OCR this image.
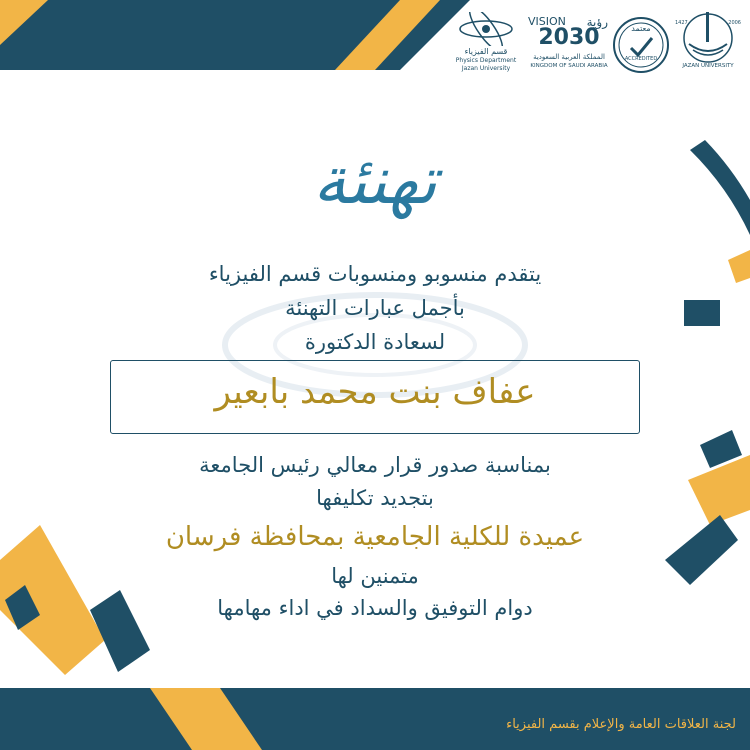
لجنة العلاقات العامة والإعلام بقسم الفيزياء
قسم الفيزياء
Physics Department
Jazan University
VISION رؤية
2030
المملكة العربية السعودية
KINGDOM OF SAUDI ARABIA
معتمد
ACCREDITED
1427	2006
JAZAN UNIVERSITY
تهنئة
يتقدم منسوبو ومنسوبات قسم الفيزياء
بأجمل عبارات التهنئة
لسعادة الدكتورة
عفاف بنت محمد بابعير
بمناسبة صدور قرار معالي رئيس الجامعة
بتجديد تكليفها
عميدة للكلية الجامعية بمحافظة فرسان
متمنين لها
دوام التوفيق والسداد في اداء مهامها
